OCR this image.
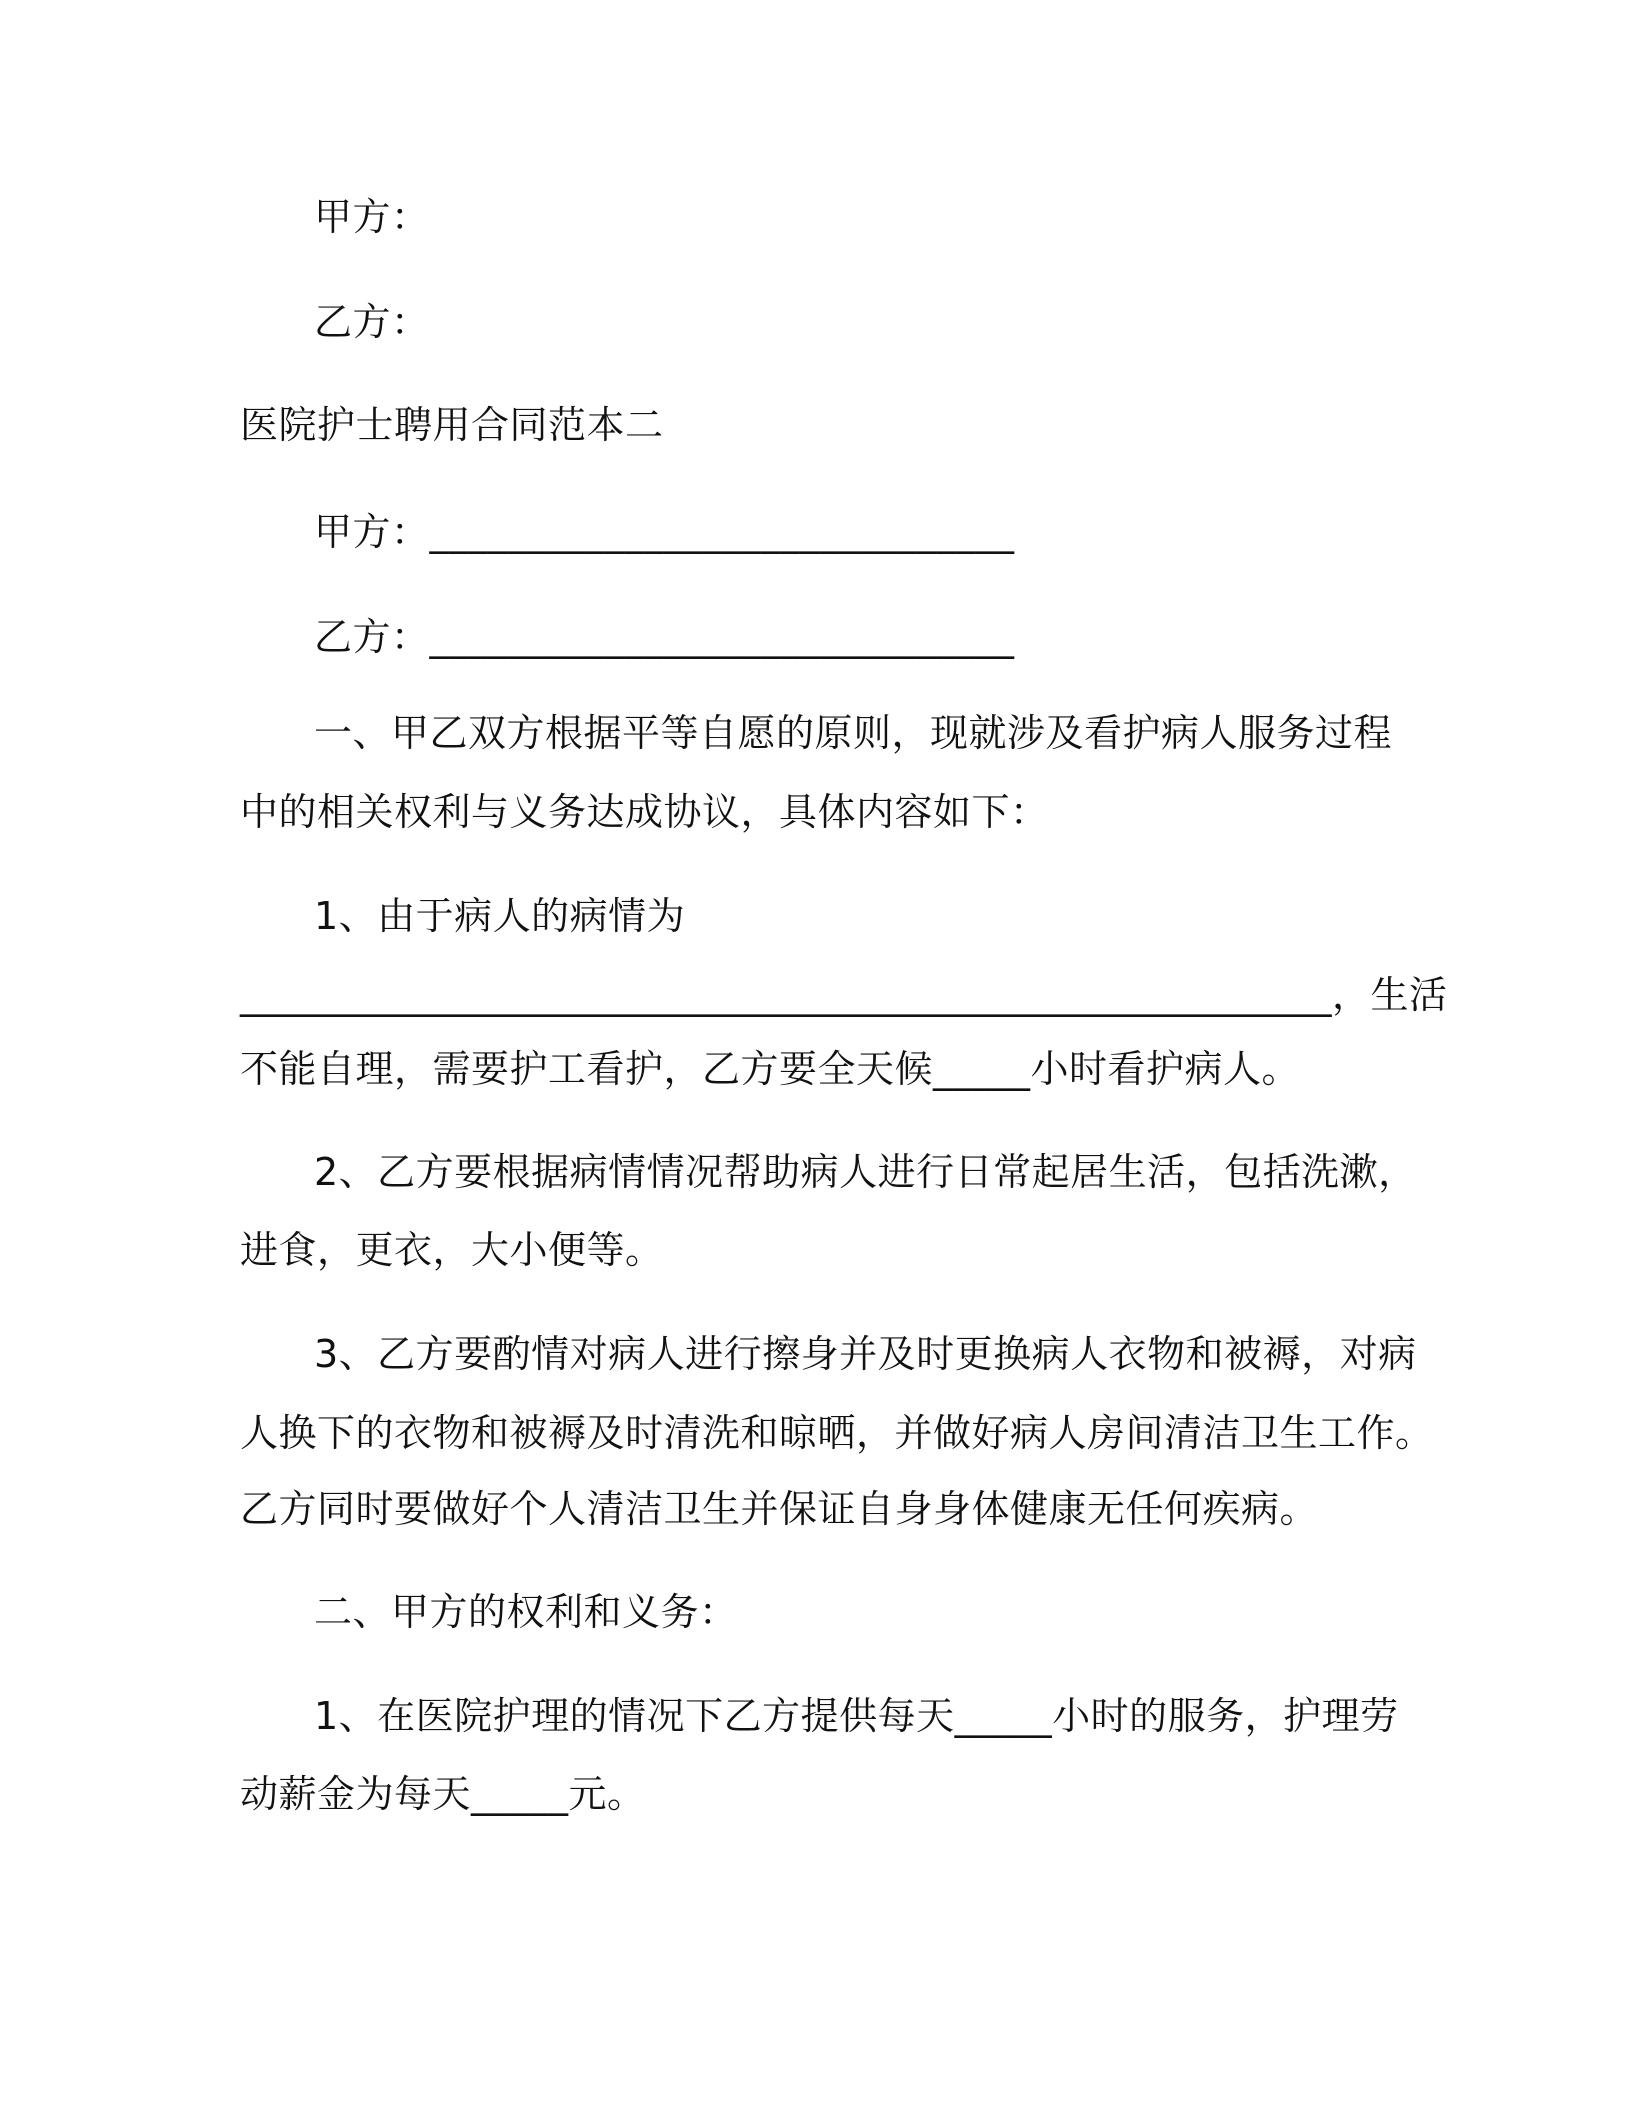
甲方：
乙方：
医院护士聘用合同范本二
甲方：______________________________
乙方：______________________________
一、甲乙双方根据平等自愿的原则，现就涉及看护病人服务过程
中的相关权利与义务达成协议，具体内容如下：
1、由于病人的病情为
________________________________________________________，生活
不能自理，需要护工看护，乙方要全天候_____小时看护病人。
2、乙方要根据病情情况帮助病人进行日常起居生活，包括洗漱，
进食，更衣，大小便等。
3、乙方要酌情对病人进行擦身并及时更换病人衣物和被褥，对病
人换下的衣物和被褥及时清洗和晾晒，并做好病人房间清洁卫生工作。
乙方同时要做好个人清洁卫生并保证自身身体健康无任何疾病。
二、甲方的权利和义务：
1、在医院护理的情况下乙方提供每天_____小时的服务，护理劳
动薪金为每天_____元。
